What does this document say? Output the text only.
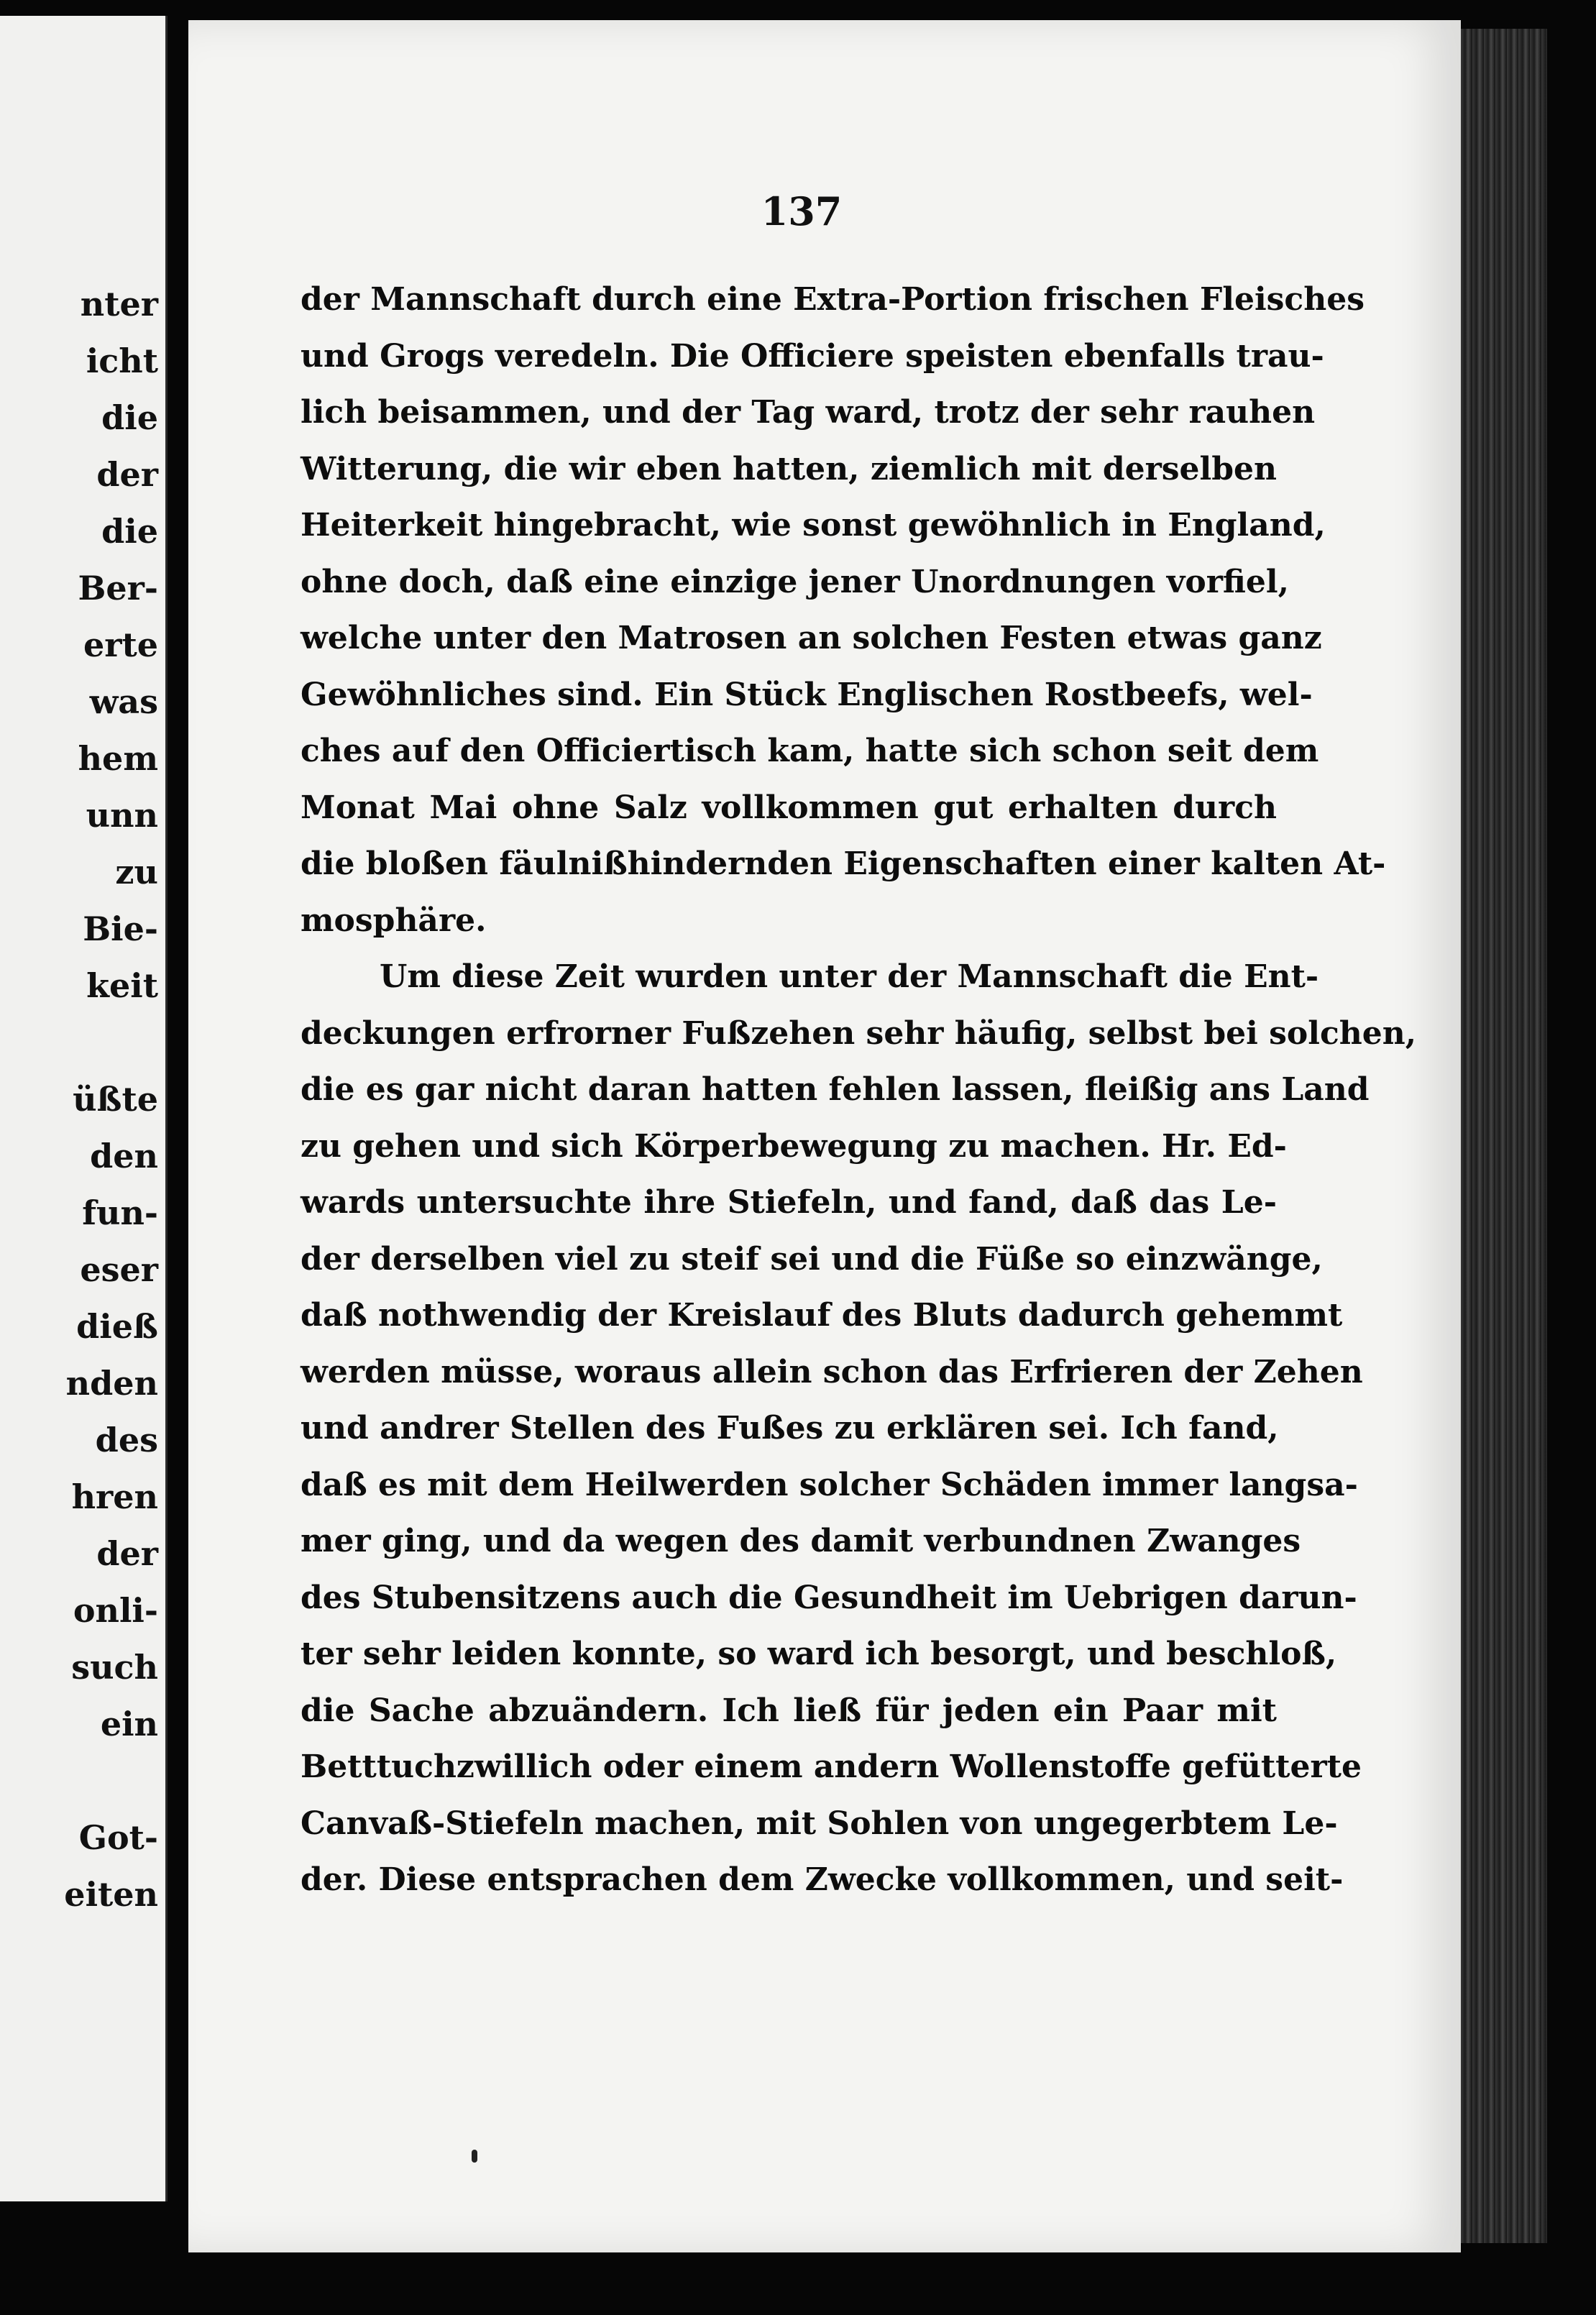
nter
icht
die
der
die
Ber-
erte
was
hem
unn
zu
Bie-
keit
üßte
den
fun-
eser
dieß
nden
des
hren
der
onli-
such
ein
Got-
eiten
137
der Mannschaft durch eine Extra-Portion frischen Fleisches
und Grogs veredeln. Die Officiere speisten ebenfalls trau-
lich beisammen, und der Tag ward, trotz der sehr rauhen
Witterung, die wir eben hatten, ziemlich mit derselben
Heiterkeit hingebracht, wie sonst gewöhnlich in England,
ohne doch, daß eine einzige jener Unordnungen vorfiel,
welche unter den Matrosen an solchen Festen etwas ganz
Gewöhnliches sind. Ein Stück Englischen Rostbeefs, wel-
ches auf den Officiertisch kam, hatte sich schon seit dem
Monat Mai ohne Salz vollkommen gut erhalten durch
die bloßen fäulnißhindernden Eigenschaften einer kalten At-
mosphäre.
Um diese Zeit wurden unter der Mannschaft die Ent-
deckungen erfrorner Fußzehen sehr häufig, selbst bei solchen,
die es gar nicht daran hatten fehlen lassen, fleißig ans Land
zu gehen und sich Körperbewegung zu machen. Hr. Ed-
wards untersuchte ihre Stiefeln, und fand, daß das Le-
der derselben viel zu steif sei und die Füße so einzwänge,
daß nothwendig der Kreislauf des Bluts dadurch gehemmt
werden müsse, woraus allein schon das Erfrieren der Zehen
und andrer Stellen des Fußes zu erklären sei. Ich fand,
daß es mit dem Heilwerden solcher Schäden immer langsa-
mer ging, und da wegen des damit verbundnen Zwanges
des Stubensitzens auch die Gesundheit im Uebrigen darun-
ter sehr leiden konnte, so ward ich besorgt, und beschloß,
die Sache abzuändern. Ich ließ für jeden ein Paar mit
Betttuchzwillich oder einem andern Wollenstoffe gefütterte
Canvaß-Stiefeln machen, mit Sohlen von ungegerbtem Le-
der. Diese entsprachen dem Zwecke vollkommen, und seit-
